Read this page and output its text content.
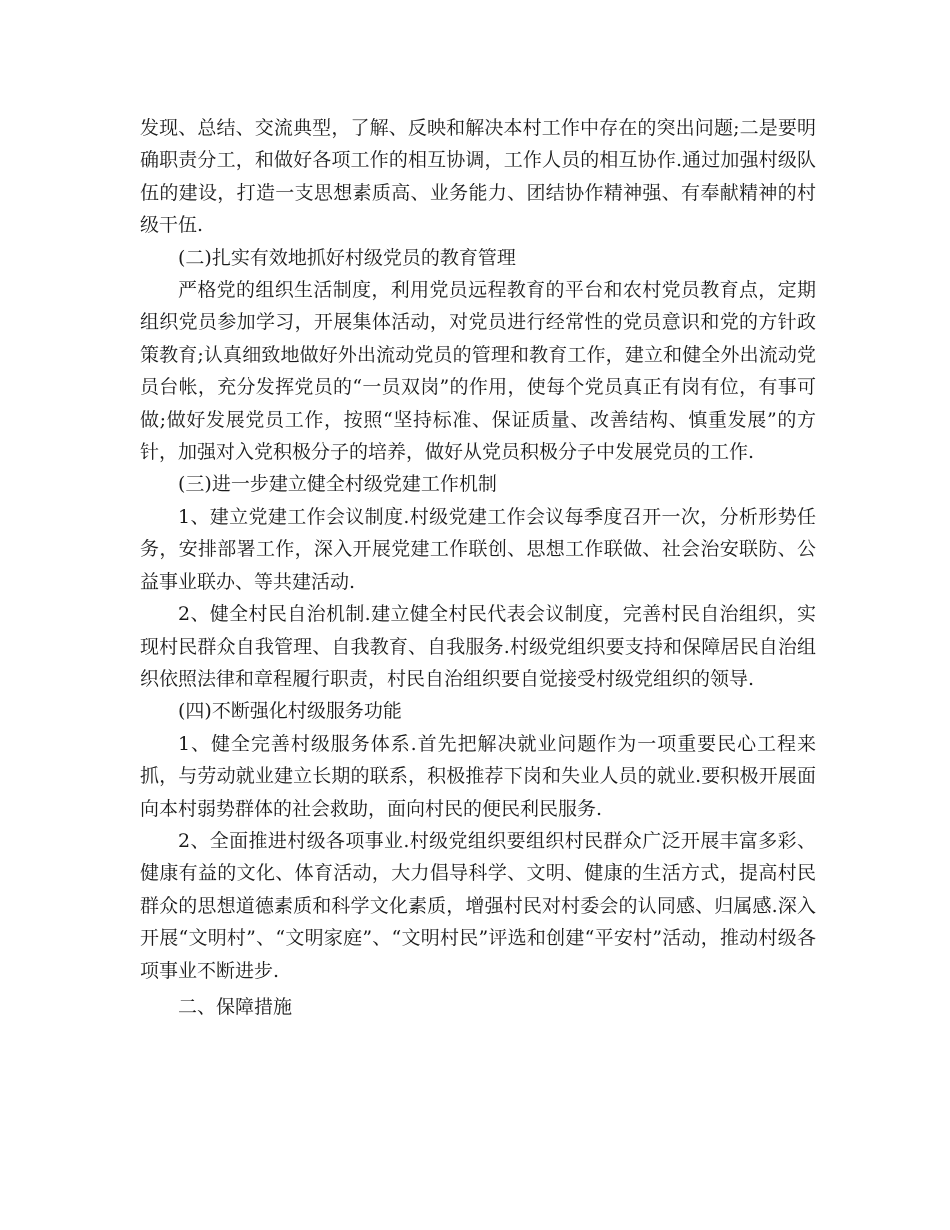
发现、总结、交流典型，了解、反映和解决本村工作中存在的突出问题;二是要明确职责分工，和做好各项工作的相互协调，工作人员的相互协作.通过加强村级队伍的建设，打造一支思想素质高、业务能力、团结协作精神强、有奉献精神的村级干伍.

(二)扎实有效地抓好村级党员的教育管理

严格党的组织生活制度，利用党员远程教育的平台和农村党员教育点，定期组织党员参加学习，开展集体活动，对党员进行经常性的党员意识和党的方针政策教育;认真细致地做好外出流动党员的管理和教育工作，建立和健全外出流动党员台帐，充分发挥党员的“一员双岗”的作用，使每个党员真正有岗有位，有事可做;做好发展党员工作，按照“坚持标准、保证质量、改善结构、慎重发展”的方针，加强对入党积极分子的培养，做好从党员积极分子中发展党员的工作.

(三)进一步建立健全村级党建工作机制

1、建立党建工作会议制度.村级党建工作会议每季度召开一次，分析形势任务，安排部署工作，深入开展党建工作联创、思想工作联做、社会治安联防、公益事业联办、等共建活动.

2、健全村民自治机制.建立健全村民代表会议制度，完善村民自治组织，实现村民群众自我管理、自我教育、自我服务.村级党组织要支持和保障居民自治组织依照法律和章程履行职责，村民自治组织要自觉接受村级党组织的领导.

(四)不断强化村级服务功能

1、健全完善村级服务体系.首先把解决就业问题作为一项重要民心工程来抓，与劳动就业建立长期的联系，积极推荐下岗和失业人员的就业.要积极开展面向本村弱势群体的社会救助，面向村民的便民利民服务.

2、全面推进村级各项事业.村级党组织要组织村民群众广泛开展丰富多彩、健康有益的文化、体育活动，大力倡导科学、文明、健康的生活方式，提高村民群众的思想道德素质和科学文化素质，增强村民对村委会的认同感、归属感.深入开展“文明村”、“文明家庭”、“文明村民”评选和创建“平安村”活动，推动村级各项事业不断进步.

二、保障措施
